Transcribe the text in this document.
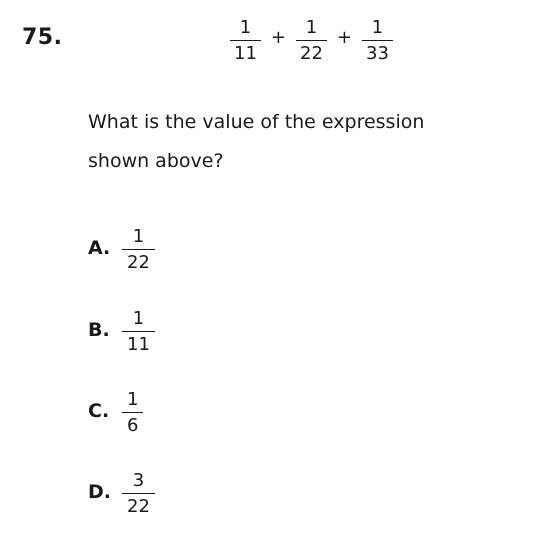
75.	$\frac{1}{11} + \frac{1}{22} + \frac{1}{33}$
What is the value of the expression
shown above?
A. $\frac{1}{22}$
B. $\frac{1}{11}$
C. $\frac{1}{6}$
D. $\frac{3}{22}$
